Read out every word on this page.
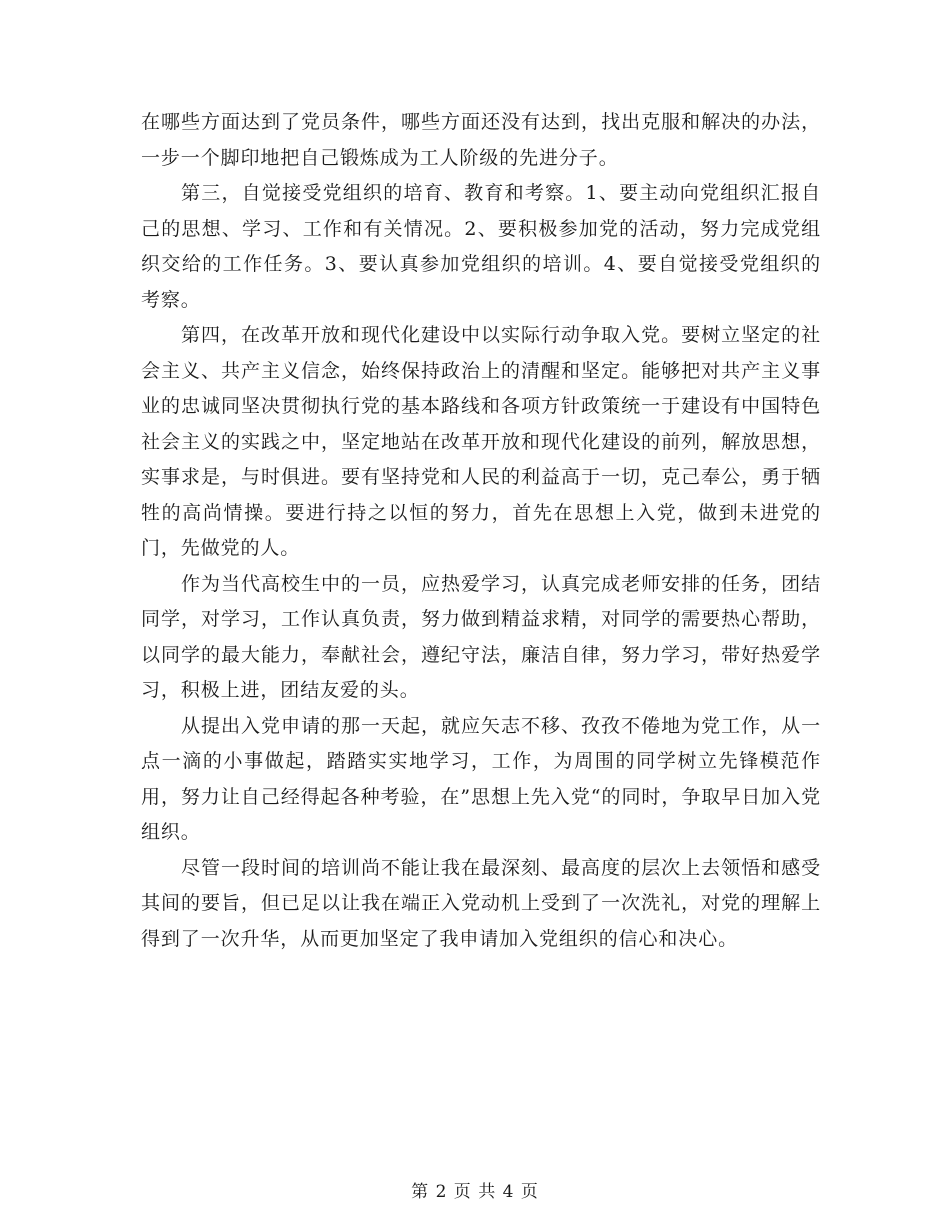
在哪些方面达到了党员条件，哪些方面还没有达到，找出克服和解决的办法，一步一个脚印地把自己锻炼成为工人阶级的先进分子。

第三，自觉接受党组织的培育、教育和考察。1、要主动向党组织汇报自己的思想、学习、工作和有关情况。2、要积极参加党的活动，努力完成党组织交给的工作任务。3、要认真参加党组织的培训。4、要自觉接受党组织的考察。

第四，在改革开放和现代化建设中以实际行动争取入党。要树立坚定的社会主义、共产主义信念，始终保持政治上的清醒和坚定。能够把对共产主义事业的忠诚同坚决贯彻执行党的基本路线和各项方针政策统一于建设有中国特色社会主义的实践之中，坚定地站在改革开放和现代化建设的前列，解放思想，实事求是，与时俱进。要有坚持党和人民的利益高于一切，克己奉公，勇于牺牲的高尚情操。要进行持之以恒的努力，首先在思想上入党，做到未进党的门，先做党的人。

作为当代高校生中的一员，应热爱学习，认真完成老师安排的任务，团结同学，对学习，工作认真负责，努力做到精益求精，对同学的需要热心帮助，以同学的最大能力，奉献社会，遵纪守法，廉洁自律，努力学习，带好热爱学习，积极上进，团结友爱的头。

从提出入党申请的那一天起，就应矢志不移、孜孜不倦地为党工作，从一点一滴的小事做起，踏踏实实地学习，工作，为周围的同学树立先锋模范作用，努力让自己经得起各种考验，在”思想上先入党“的同时，争取早日加入党组织。

尽管一段时间的培训尚不能让我在最深刻、最高度的层次上去领悟和感受其间的要旨，但已足以让我在端正入党动机上受到了一次洗礼，对党的理解上得到了一次升华，从而更加坚定了我申请加入党组织的信心和决心。

第 2 页 共 4 页
